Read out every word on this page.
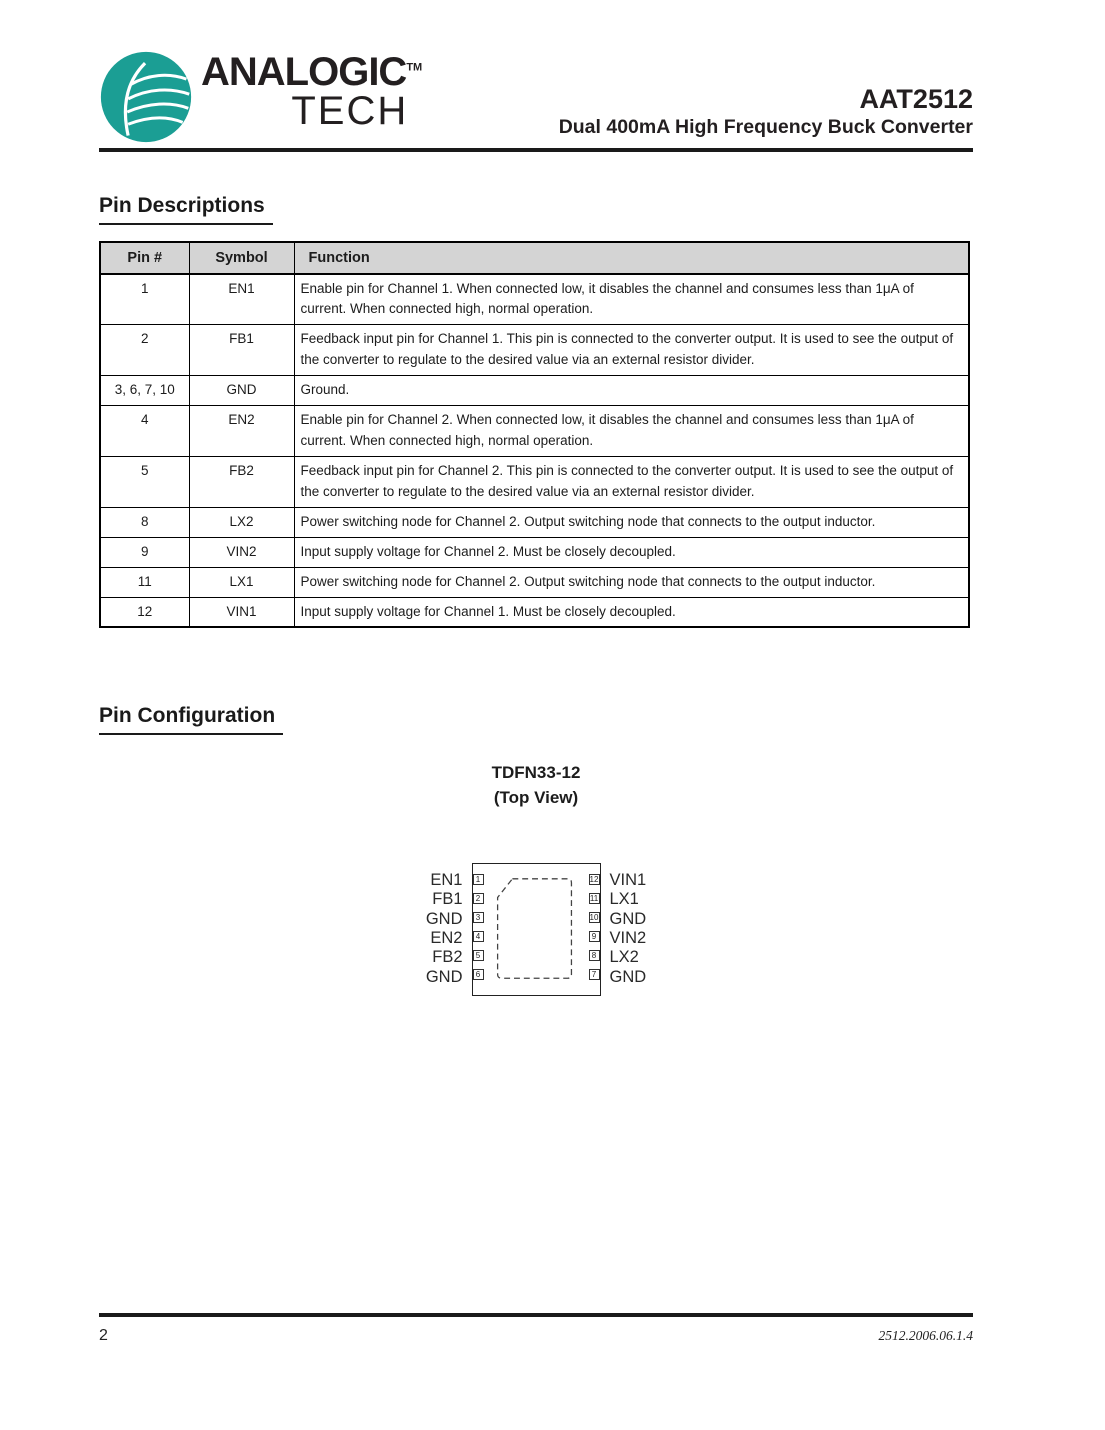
ANALOGIC™
TECH	AAT2512
Dual 400mA High Frequency Buck Converter
Pin Descriptions
Pin #	Symbol	Function
1	EN1	Enable pin for Channel 1. When connected low, it disables the channel and consumes less than 1μA of current. When connected high, normal operation.
2	FB1	Feedback input pin for Channel 1. This pin is connected to the converter output. It is used to see the output of the converter to regulate to the desired value via an external resistor divider.
3, 6, 7, 10	GND	Ground.
4	EN2	Enable pin for Channel 2. When connected low, it disables the channel and consumes less than 1μA of current. When connected high, normal operation.
5	FB2	Feedback input pin for Channel 2. This pin is connected to the converter output. It is used to see the output of the converter to regulate to the desired value via an external resistor divider.
8	LX2	Power switching node for Channel 2. Output switching node that connects to the output inductor.
9	VIN2	Input supply voltage for Channel 2. Must be closely decoupled.
11	LX1	Power switching node for Channel 2. Output switching node that connects to the output inductor.
12	VIN1	Input supply voltage for Channel 1. Must be closely decoupled.
Pin Configuration
TDFN33-12
(Top View)
EN1
FB1
GND
EN2
FB2
GND
1
2
3
4
5
6
12
11
10
9
8
7
VIN1
LX1
GND
VIN2
LX2
GND
2	2512.2006.06.1.4
